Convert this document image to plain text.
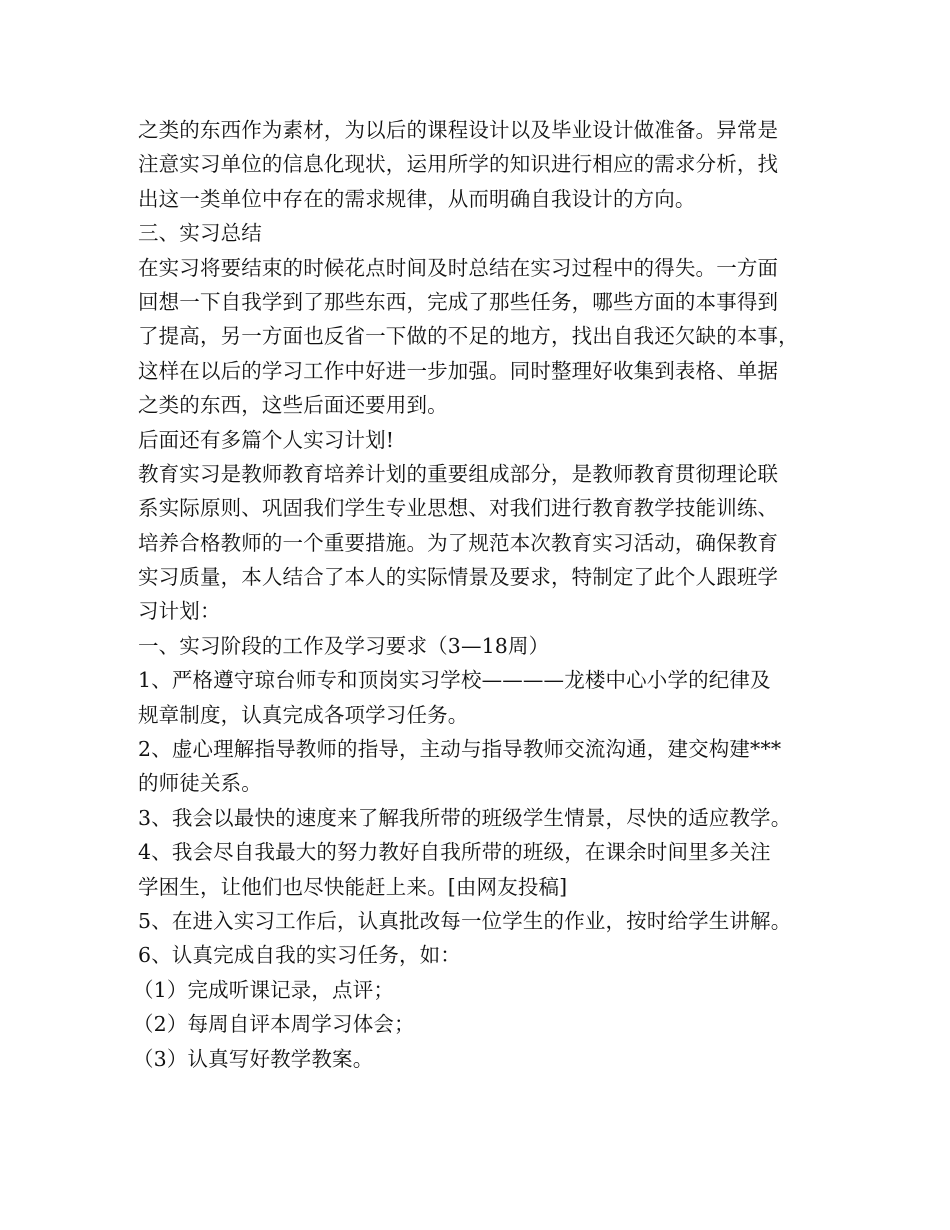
之类的东西作为素材，为以后的课程设计以及毕业设计做准备。异常是
注意实习单位的信息化现状，运用所学的知识进行相应的需求分析，找
出这一类单位中存在的需求规律，从而明确自我设计的方向。
三、实习总结
在实习将要结束的时候花点时间及时总结在实习过程中的得失。一方面
回想一下自我学到了那些东西，完成了那些任务，哪些方面的本事得到
了提高，另一方面也反省一下做的不足的地方，找出自我还欠缺的本事，
这样在以后的学习工作中好进一步加强。同时整理好收集到表格、单据
之类的东西，这些后面还要用到。
后面还有多篇个人实习计划!
教育实习是教师教育培养计划的重要组成部分，是教师教育贯彻理论联
系实际原则、巩固我们学生专业思想、对我们进行教育教学技能训练、
培养合格教师的一个重要措施。为了规范本次教育实习活动，确保教育
实习质量，本人结合了本人的实际情景及要求，特制定了此个人跟班学
习计划：
一、实习阶段的工作及学习要求（3—18周）
1、严格遵守琼台师专和顶岗实习学校————龙楼中心小学的纪律及
规章制度，认真完成各项学习任务。
2、虚心理解指导教师的指导，主动与指导教师交流沟通，建交构建***
的师徒关系。
3、我会以最快的速度来了解我所带的班级学生情景，尽快的适应教学。
4、我会尽自我最大的努力教好自我所带的班级，在课余时间里多关注
学困生，让他们也尽快能赶上来。[由网友投稿]
5、在进入实习工作后，认真批改每一位学生的作业，按时给学生讲解。
6、认真完成自我的实习任务，如：
（1）完成听课记录，点评；
（2）每周自评本周学习体会；
（3）认真写好教学教案。
